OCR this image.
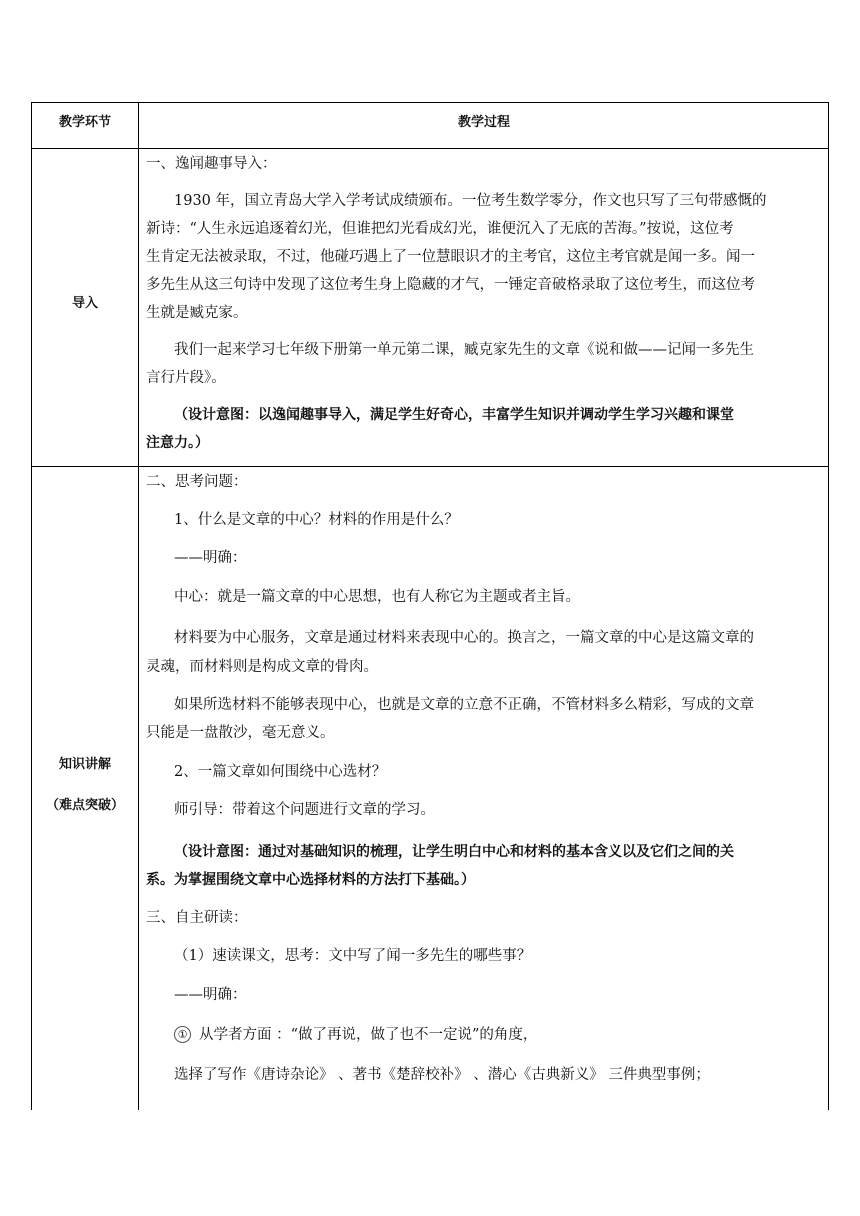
教学环节	教学过程
导入
一、逸闻趣事导入：
1930 年，国立青岛大学入学考试成绩颁布。一位考生数学零分，作文也只写了三句带感慨的
新诗：“人生永远追逐着幻光，但谁把幻光看成幻光，谁便沉入了无底的苦海。”按说，这位考
生肯定无法被录取，不过，他碰巧遇上了一位慧眼识才的主考官，这位主考官就是闻一多。闻一
多先生从这三句诗中发现了这位考生身上隐藏的才气，一锤定音破格录取了这位考生，而这位考
生就是臧克家。
我们一起来学习七年级下册第一单元第二课，臧克家先生的文章《说和做——记闻一多先生
言行片段》。
（设计意图：以逸闻趣事导入，满足学生好奇心，丰富学生知识并调动学生学习兴趣和课堂
注意力。）
知识讲解
（难点突破）
二、思考问题：
1、什么是文章的中心？材料的作用是什么？
——明确：
中心：就是一篇文章的中心思想，也有人称它为主题或者主旨。
材料要为中心服务，文章是通过材料来表现中心的。换言之，一篇文章的中心是这篇文章的
灵魂，而材料则是构成文章的骨肉。
如果所选材料不能够表现中心，也就是文章的立意不正确，不管材料多么精彩，写成的文章
只能是一盘散沙，毫无意义。
2、一篇文章如何围绕中心选材？
师引导：带着这个问题进行文章的学习。
（设计意图：通过对基础知识的梳理，让学生明白中心和材料的基本含义以及它们之间的关
系。为掌握围绕文章中心选择材料的方法打下基础。）
三、自主研读：
（1）速读课文，思考：文中写了闻一多先生的哪些事？
——明确：
① 从学者方面 ：“做了再说，做了也不一定说”的角度，
选择了写作《唐诗杂论》 、著书《楚辞校补》 、潜心《古典新义》 三件典型事例；
